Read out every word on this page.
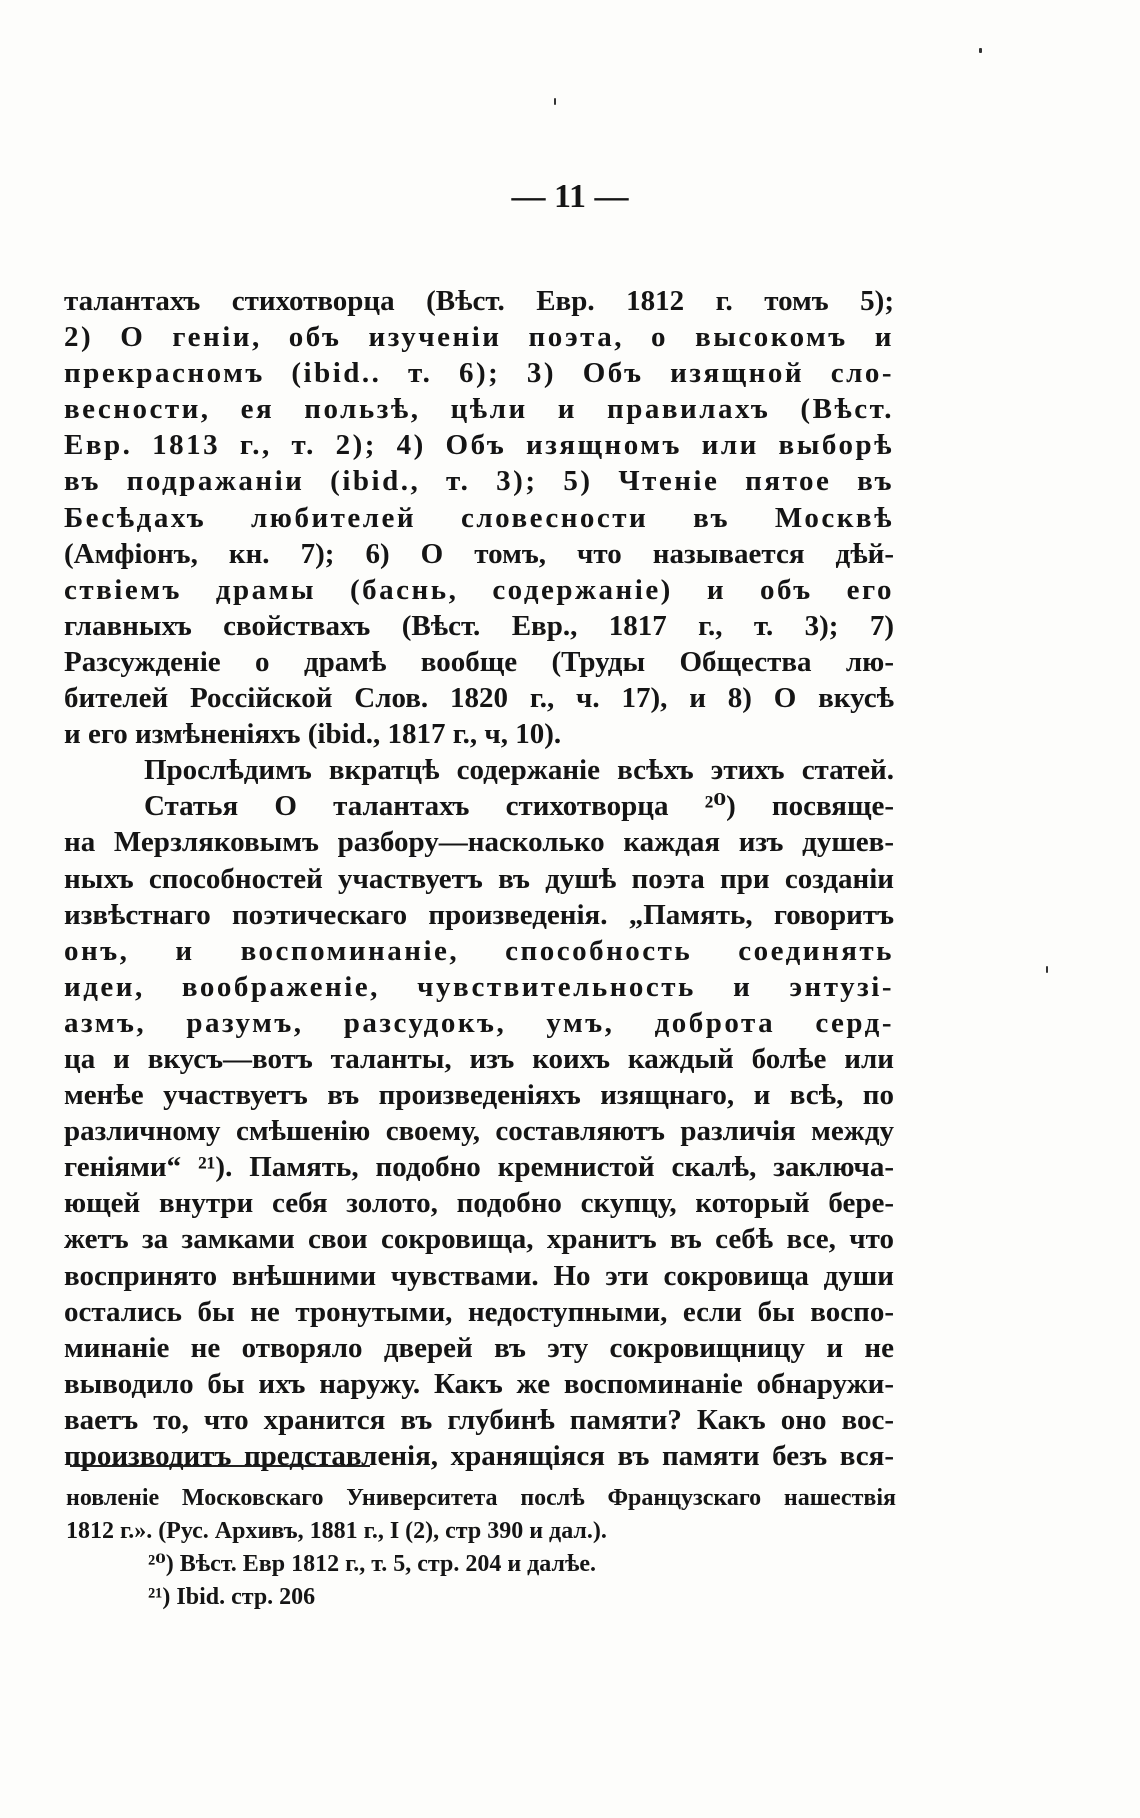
— 11 —
талантахъ стихотворца (Вѣст. Евр. 1812 г. томъ 5);
2) О геніи, объ изученіи поэта, о высокомъ и
прекрасномъ (ibid.. т. 6); 3) Объ изящной сло-
весности, ея пользѣ, цѣли и правилахъ (Вѣст.
Евр. 1813 г., т. 2); 4) Объ изящномъ или выборѣ
въ подражаніи (ibid., т. 3); 5) Чтеніе пятое въ
Бесѣдахъ любителей словесности въ Москвѣ
(Амфіонъ, кн. 7); 6) О томъ, что называется дѣй-
ствіемъ драмы (баснь, содержаніе) и объ его
главныхъ свойствахъ (Вѣст. Евр., 1817 г., т. 3); 7)
Разсужденіе о драмѣ вообще (Труды Общества лю-
бителей Россійской Слов. 1820 г., ч. 17), и 8) О вкусѣ
и его измѣненіяхъ (ibid., 1817 г., ч, 10).
Прослѣдимъ вкратцѣ содержаніе всѣхъ этихъ статей.
Статья О талантахъ стихотворца ²⁰) посвяще-
на Мерзляковымъ разбору—насколько каждая изъ душев-
ныхъ способностей участвуетъ въ душѣ поэта при созданіи
извѣстнаго поэтическаго произведенія. „Память, говоритъ
онъ, и воспоминаніе, способность соединять
идеи, воображеніе, чувствительность и энтузі-
азмъ, разумъ, разсудокъ, умъ, доброта серд-
ца и вкусъ—вотъ таланты, изъ коихъ каждый болѣе или
менѣе участвуетъ въ произведеніяхъ изящнаго, и всѣ, по
различному смѣшенію своему, составляютъ различія между
геніями“ ²¹). Память, подобно кремнистой скалѣ, заключа-
ющей внутри себя золото, подобно скупцу, который бере-
жетъ за замками свои сокровища, хранитъ въ себѣ все, что
воспринято внѣшними чувствами. Но эти сокровища души
остались бы не тронутыми, недоступными, если бы воспо-
минаніе не отворяло дверей въ эту сокровищницу и не
выводило бы ихъ наружу. Какъ же воспоминаніе обнаружи-
ваетъ то, что хранится въ глубинѣ памяти? Какъ оно вос-
производитъ представленія, хранящіяся въ памяти безъ вся-
новленіе Московскаго Университета послѣ Французскаго нашествія
1812 г.». (Рус. Архивъ, 1881 г., I (2), стр 390 и дал.).
²⁰) Вѣст. Евр 1812 г., т. 5, стр. 204 и далѣе.
²¹) Ibid. стр. 206
